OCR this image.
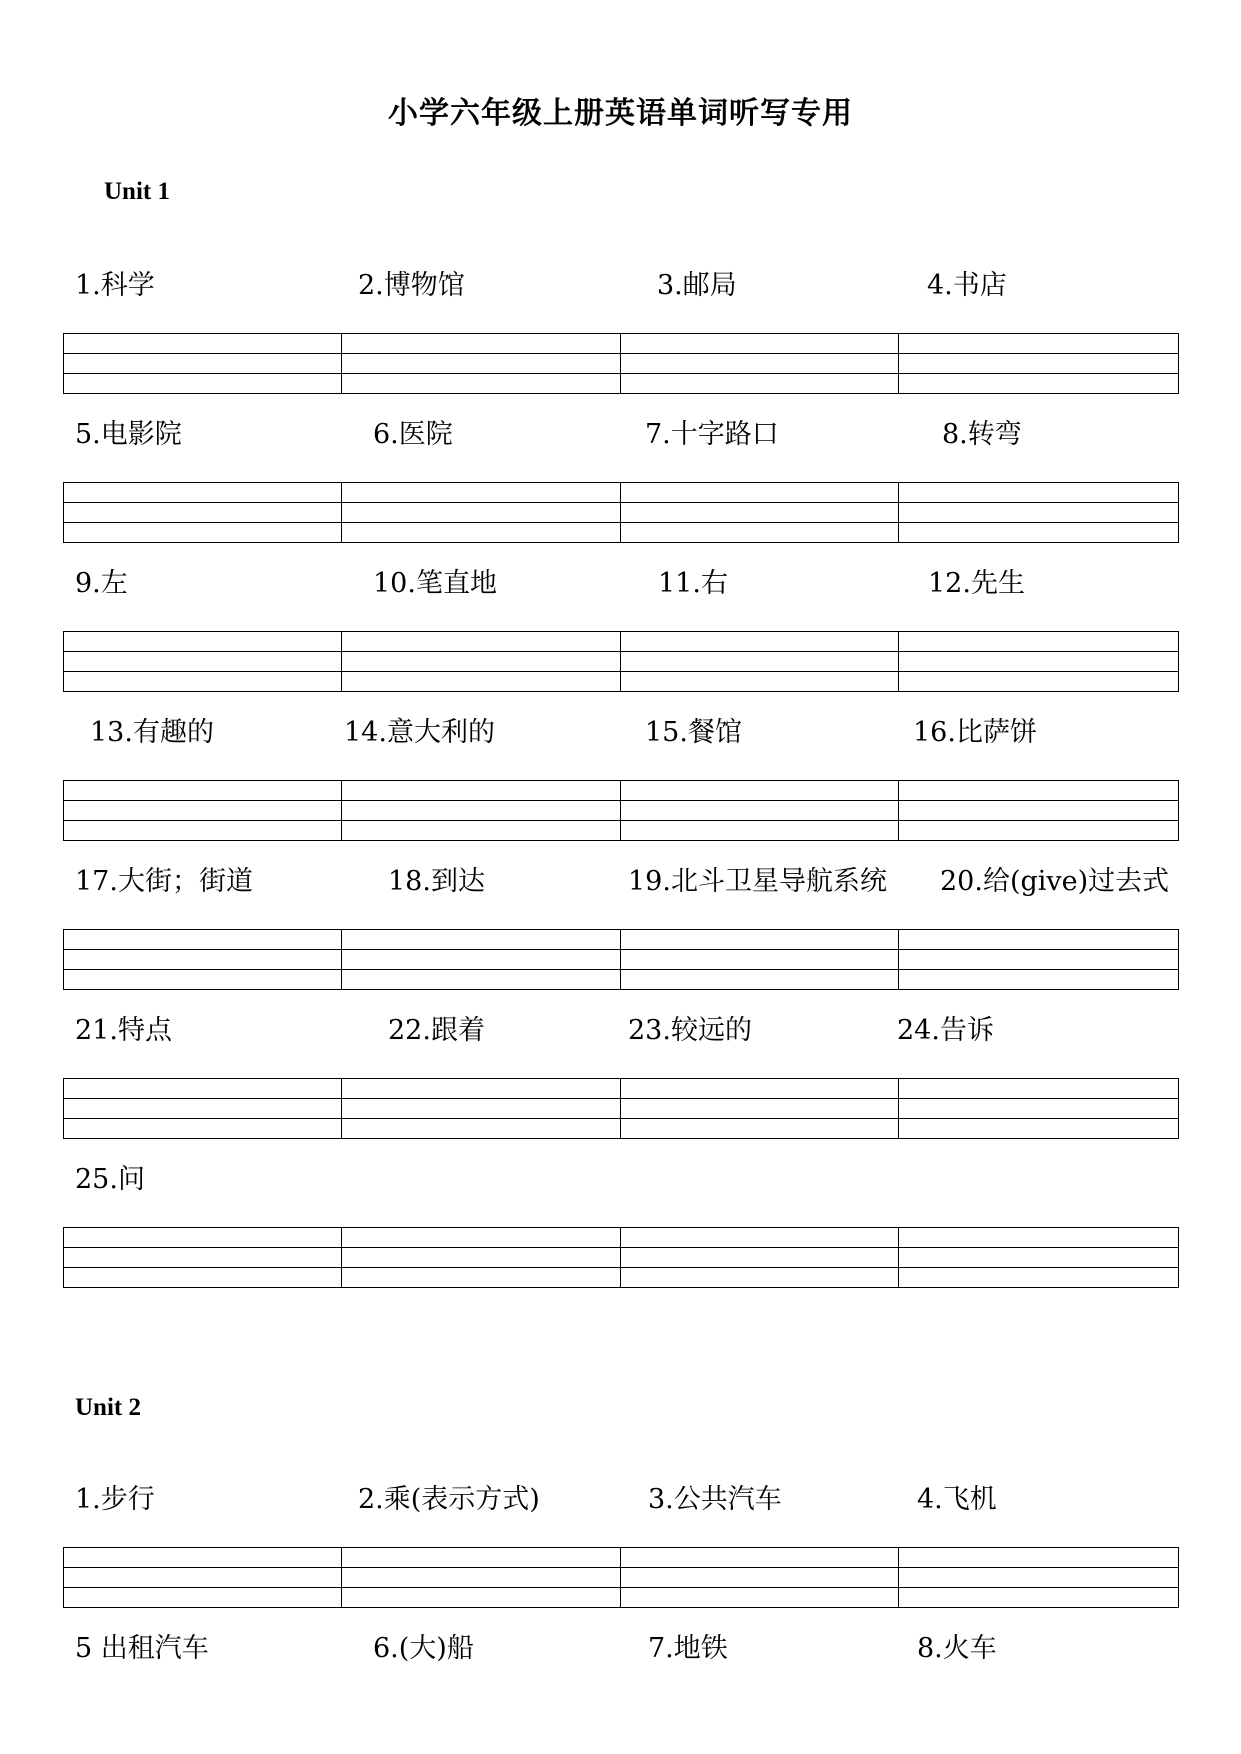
小学六年级上册英语单词听写专用
Unit 1
1.科学	2.博物馆	3.邮局	4.书店
5.电影院	6.医院	7.十字路口	8.转弯
9.左	10.笔直地	11.右	12.先生
13.有趣的	14.意大利的	15.餐馆	16.比萨饼
17.大街；街道	18.到达	19.北斗卫星导航系统 20.给(give)过去式
21.特点	22.跟着	23.较远的	24.告诉
25.问
Unit 2
1.步行	2.乘(表示方式)	3.公共汽车	4.飞机
5 出租汽车	6.(大)船	7.地铁	8.火车
